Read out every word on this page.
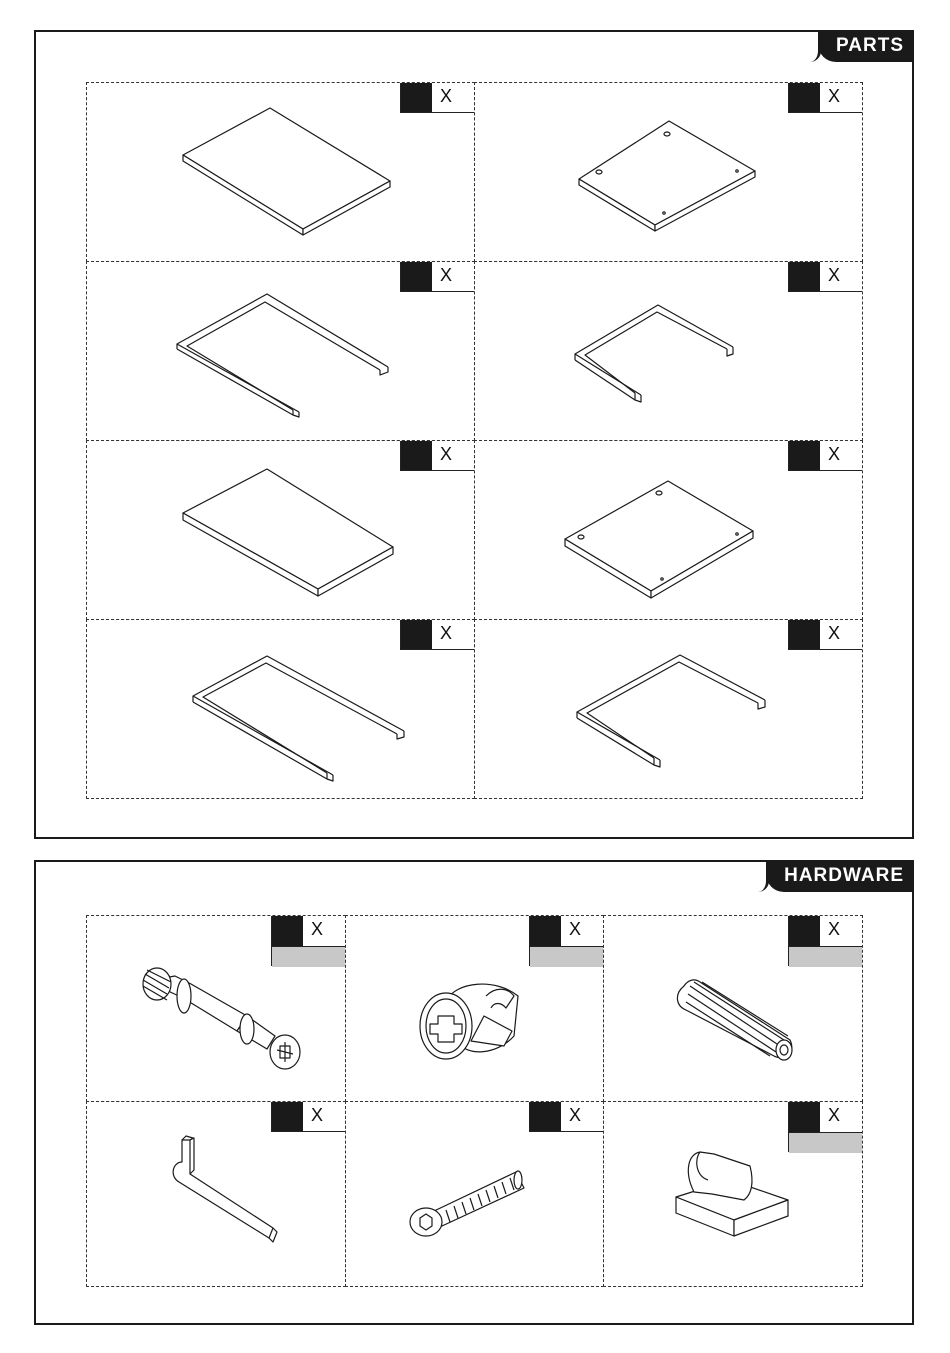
PARTS
X	X
X	X
X	X
X	X
HARDWARE
X	X	X
X	X	X
